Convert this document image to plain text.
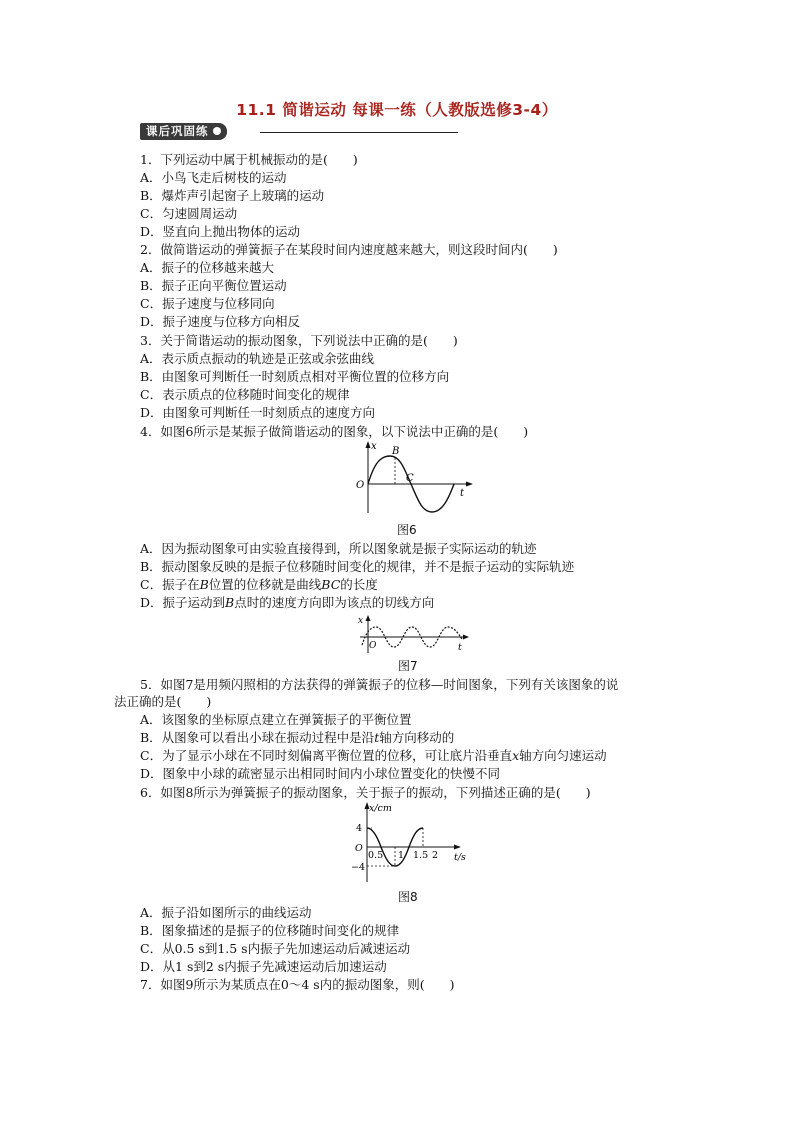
11.1 简谐运动 每课一练（人教版选修3-4）
课后巩固练
1．下列运动中属于机械振动的是(　　)
A．小鸟飞走后树枝的运动
B．爆炸声引起窗子上玻璃的运动
C．匀速圆周运动
D．竖直向上抛出物体的运动
2．做简谐运动的弹簧振子在某段时间内速度越来越大，则这段时间内(　　)
A．振子的位移越来越大
B．振子正向平衡位置运动
C．振子速度与位移同向
D．振子速度与位移方向相反
3．关于简谐运动的振动图象，下列说法中正确的是(　　)
A．表示质点振动的轨迹是正弦或余弦曲线
B．由图象可判断任一时刻质点相对平衡位置的位移方向
C．表示质点的位移随时间变化的规律
D．由图象可判断任一时刻质点的速度方向
4．如图6所示是某振子做简谐运动的图象，以下说法中正确的是(　　)
x
O
B
C
t
图6
A．因为振动图象可由实验直接得到，所以图象就是振子实际运动的轨迹
B．振动图象反映的是振子位移随时间变化的规律，并不是振子运动的实际轨迹
C．振子在B位置的位移就是曲线BC的长度
D．振子运动到B点时的速度方向即为该点的切线方向
x
O	t
图7
5．如图7是用频闪照相的方法获得的弹簧振子的位移—时间图象，下列有关该图象的说
法正确的是(　　)
A．该图象的坐标原点建立在弹簧振子的平衡位置
B．从图象可以看出小球在振动过程中是沿t轴方向移动的
C．为了显示小球在不同时刻偏离平衡位置的位移，可让底片沿垂直x轴方向匀速运动
D．图象中小球的疏密显示出相同时间内小球位置变化的快慢不同
6．如图8所示为弹簧振子的振动图象，关于振子的振动，下列描述正确的是(　　)
x/cm
4
O
−4
0.5 1 1.5 2 t/s
图8
A．振子沿如图所示的曲线运动
B．图象描述的是振子的位移随时间变化的规律
C．从0.5 s到1.5 s内振子先加速运动后减速运动
D．从1 s到2 s内振子先减速运动后加速运动
7．如图9所示为某质点在0～4 s内的振动图象，则(　　)
